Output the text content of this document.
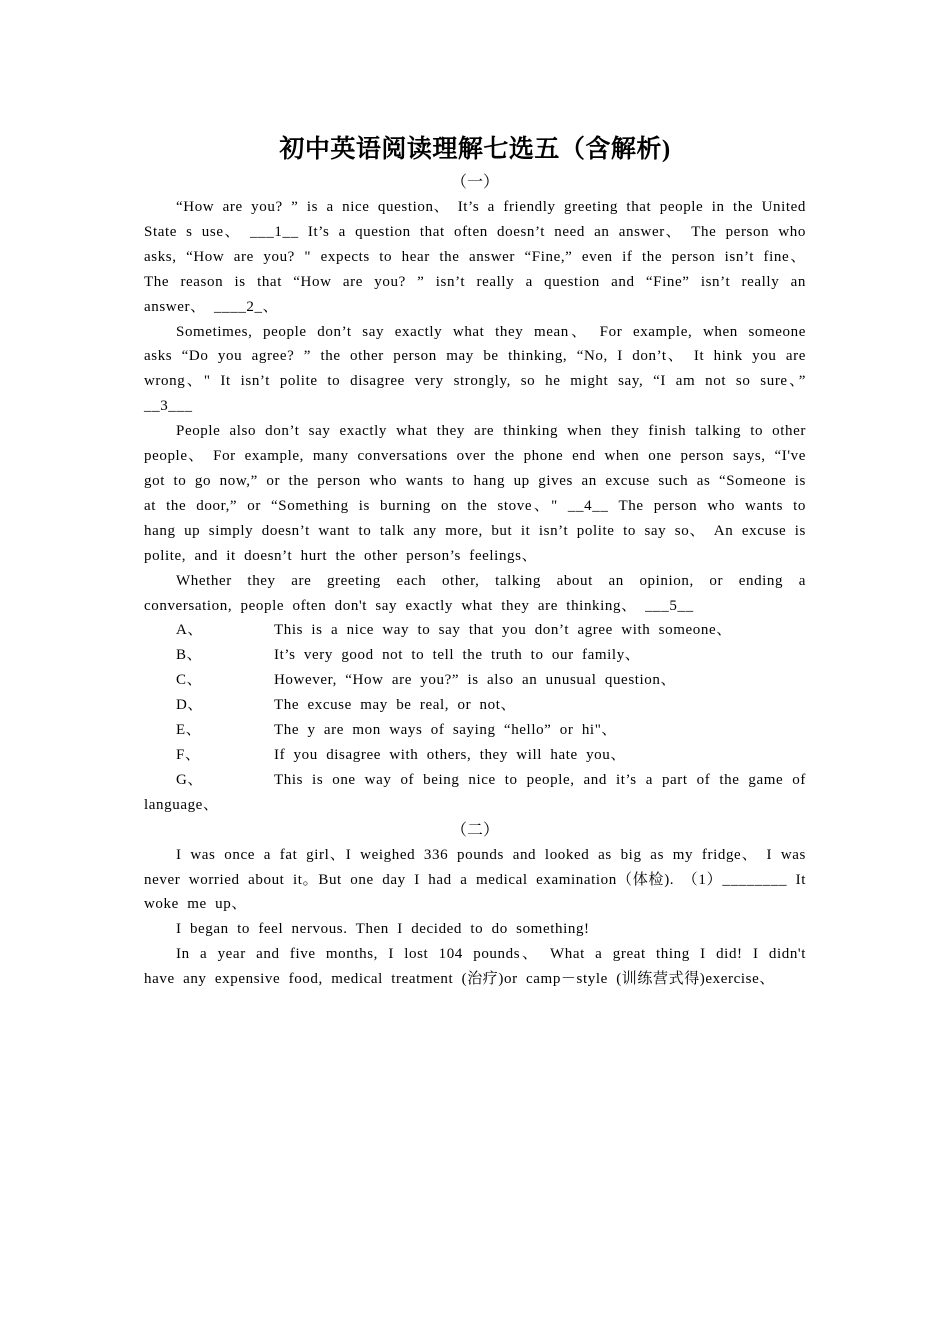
初中英语阅读理解七选五（含解析)

（一）

“How are you? ” is a nice question、 It’s a friendly greeting that people in the United State s use、 ___1__ It’s a question that often doesn’t need an answer、 The person who asks, “How are you? " expects to hear the answer “Fine,” even if the person isn’t fine、 The reason is that “How are you? ” isn’t really a question and “Fine” isn’t really an answer、 ____2_、

Sometimes, people don’t say exactly what they mean、 For example, when someone asks “Do you agree? ” the other person may be thinking, “No, I don’t、 It hink you are wrong、" It isn’t polite to disagree very strongly, so he might say, “I am not so sure、” __3___

People also don’t say exactly what they are thinking when they finish talking to other people、 For example, many conversations over the phone end when one person says, “I've got to go now,” or the person who wants to hang up gives an excuse such as “Someone is at the door,” or “Something is burning on the stove、" __4__ The person who wants to hang up simply doesn’t want to talk any more, but it isn’t polite to say so、 An excuse is polite, and it doesn’t hurt the other person’s feelings、

Whether they are greeting each other, talking about an opinion, or ending a conversation, people often don't say exactly what they are thinking、 ___5__

A、	This is a nice way to say that you don’t agree with someone、

B、	It’s very good not to tell the truth to our family、

C、	However, “How are you?” is also an unusual question、

D、	The excuse may be real, or not、

E、	The y are mon ways of saying “hello” or hi"、

F、	If you disagree with others, they will hate you、

G、	This is one way of being nice to people, and it’s a part of the game of language、

（二）

I was once a fat girl、I weighed 336 pounds and looked as big as my fridge、 I was never worried about it。But one day I had a medical examination（体检). （1）________ It woke me up、

I began to feel nervous. Then I decided to do something!

In a year and five months, I lost 104 pounds、 What a great thing I did! I didn't have any expensive food, medical treatment (治疗)or camp－style (训练营式得)exercise、
